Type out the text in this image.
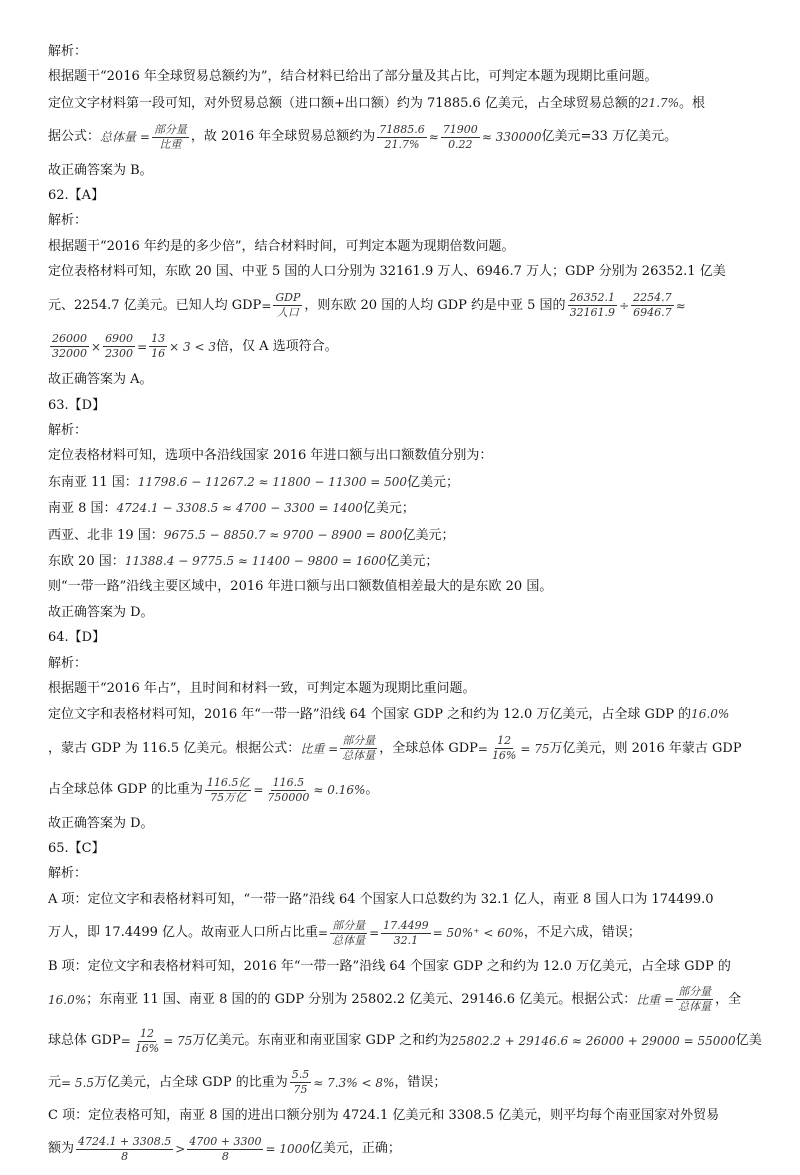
解析：
根据题干“2016 年全球贸易总额约为”，结合材料已给出了部分量及其占比，可判定本题为现期比重问题。
定位文字材料第一段可知，对外贸易总额（进口额+出口额）约为 71885.6 亿美元，占全球贸易总额的21.7%。根
据公式： 总体量 = $\frac{\text{部分量}}{\text{比重}}$ ，故 2016 年全球贸易总额约为 $\frac{71885.6}{21.7\%} \approx \frac{71900}{0.22} \approx 330000$ 亿美元=33 万亿美元。
故正确答案为 B。
62.【A】
解析：
根据题干“2016 年约是的多少倍”，结合材料时间，可判定本题为现期倍数问题。
定位表格材料可知，东欧 20 国、中亚 5 国的人口分别为 32161.9 万人、6946.7 万人；GDP 分别为 26352.1 亿美
元、2254.7 亿美元。已知人均 GDP = $\frac{\text{GDP}}{\text{人口}}$ ，则东欧 20 国的人均 GDP 约是中亚 5 国的 $\frac{26352.1}{32161.9} \div \frac{2254.7}{6946.7}$ ≈
$\frac{26000}{32000} \times \frac{6900}{2300} = \frac{13}{16} \times 3 < 3$ 倍，仅 A 选项符合。
故正确答案为 A。
63.【D】
解析：
定位表格材料可知，选项中各沿线国家 2016 年进口额与出口额数值分别为：
东南亚 11 国：11798.6 − 11267.2 ≈ 11800 − 11300 = 500亿美元；
南亚 8 国：4724.1 − 3308.5 ≈ 4700 − 3300 = 1400亿美元；
西亚、北非 19 国：9675.5 − 8850.7 ≈ 9700 − 8900 = 800亿美元；
东欧 20 国：11388.4 − 9775.5 ≈ 11400 − 9800 = 1600亿美元；
则“一带一路”沿线主要区域中，2016 年进口额与出口额数值相差最大的是东欧 20 国。
故正确答案为 D。
64.【D】
解析：
根据题干“2016 年占”，且时间和材料一致，可判定本题为现期比重问题。
定位文字和表格材料可知，2016 年“一带一路”沿线 64 个国家 GDP 之和约为 12.0 万亿美元，占全球 GDP 的16.0%
，蒙古 GDP 为 116.5 亿美元。根据公式： 比重 = $\frac{\text{部分量}}{\text{总体量}}$ ，全球总体 GDP = $\frac{12}{16\%} = 75$ 万亿美元，则 2016 年蒙古 GDP
占全球总体 GDP 的比重为 $\frac{\text{116.5亿}}{\text{75万亿}} = \frac{116.5}{750000} \approx 0.16\%$ 。
故正确答案为 D。
65.【C】
解析：
A 项：定位文字和表格材料可知，“一带一路”沿线 64 个国家人口总数约为 32.1 亿人，南亚 8 国人口为 174499.0
万人，即 17.4499 亿人。故南亚人口所占比重 = $\frac{\text{部分量}}{\text{总体量}} = \frac{17.4499}{32.1} = 50\%^+ < 60\%$ ，不足六成，错误；
B 项：定位文字和表格材料可知，2016 年“一带一路”沿线 64 个国家 GDP 之和约为 12.0 万亿美元，占全球 GDP 的
16.0% ；东南亚 11 国、南亚 8 国的的 GDP 分别为 25802.2 亿美元、29146.6 亿美元。根据公式： 比重 = $\frac{\text{部分量}}{\text{总体量}}$ ，全
球总体 GDP = $\frac{12}{16\%} = 75$ 万亿美元。东南亚和南亚国家 GDP 之和约为 25802.2 + 29146.6 ≈ 26000 + 29000 = 55000 亿美
元 = 5.5 万亿美元，占全球 GDP 的比重为 $\frac{5.5}{75} \approx 7.3\% < 8\%$ ，错误；
C 项：定位表格可知，南亚 8 国的进出口额分别为 4724.1 亿美元和 3308.5 亿美元，则平均每个南亚国家对外贸易
额为 $\frac{4724.1 + 3308.5}{8} > \frac{4700 + 3300}{8} = 1000$ 亿美元，正确；
